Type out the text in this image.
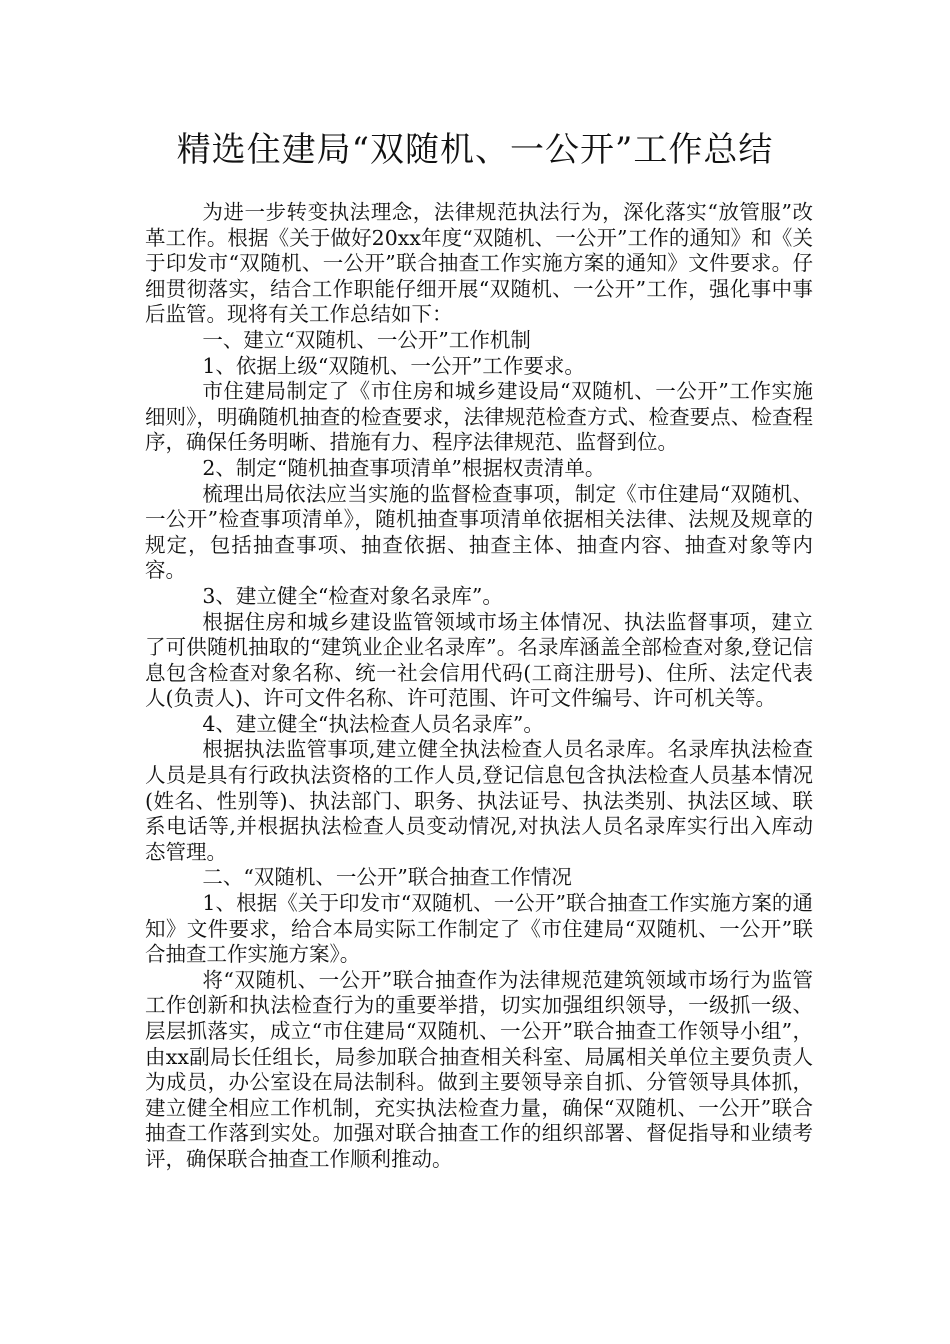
精选住建局“双随机、一公开”工作总结

为进一步转变执法理念，法律规范执法行为，深化落实“放管服”改革工作。根据《关于做好20xx年度“双随机、一公开”工作的通知》和《关于印发市“双随机、一公开”联合抽查工作实施方案的通知》文件要求。仔细贯彻落实，结合工作职能仔细开展“双随机、一公开”工作，强化事中事后监管。现将有关工作总结如下：

一、建立“双随机、一公开”工作机制

1、依据上级“双随机、一公开”工作要求。

市住建局制定了《市住房和城乡建设局“双随机、一公开”工作实施细则》，明确随机抽查的检查要求，法律规范检查方式、检查要点、检查程序，确保任务明晰、措施有力、程序法律规范、监督到位。

2、制定“随机抽查事项清单”根据权责清单。

梳理出局依法应当实施的监督检查事项，制定《市住建局“双随机、一公开”检查事项清单》，随机抽查事项清单依据相关法律、法规及规章的规定，包括抽查事项、抽查依据、抽查主体、抽查内容、抽查对象等内容。

3、建立健全“检查对象名录库”。

根据住房和城乡建设监管领域市场主体情况、执法监督事项，建立了可供随机抽取的“建筑业企业名录库”。名录库涵盖全部检查对象,登记信息包含检查对象名称、统一社会信用代码(工商注册号)、住所、法定代表人(负责人)、许可文件名称、许可范围、许可文件编号、许可机关等。

4、建立健全“执法检查人员名录库”。

根据执法监管事项,建立健全执法检查人员名录库。名录库执法检查人员是具有行政执法资格的工作人员,登记信息包含执法检查人员基本情况(姓名、性别等)、执法部门、职务、执法证号、执法类别、执法区域、联系电话等,并根据执法检查人员变动情况,对执法人员名录库实行出入库动态管理。

二、“双随机、一公开”联合抽查工作情况

1、根据《关于印发市“双随机、一公开”联合抽查工作实施方案的通知》文件要求，给合本局实际工作制定了《市住建局“双随机、一公开”联合抽查工作实施方案》。

将“双随机、一公开”联合抽查作为法律规范建筑领域市场行为监管工作创新和执法检查行为的重要举措，切实加强组织领导，一级抓一级、层层抓落实，成立“市住建局“双随机、一公开”联合抽查工作领导小组”，由xx副局长任组长，局参加联合抽查相关科室、局属相关单位主要负责人为成员，办公室设在局法制科。做到主要领导亲自抓、分管领导具体抓，建立健全相应工作机制，充实执法检查力量，确保“双随机、一公开”联合抽查工作落到实处。加强对联合抽查工作的组织部署、督促指导和业绩考评，确保联合抽查工作顺利推动。
